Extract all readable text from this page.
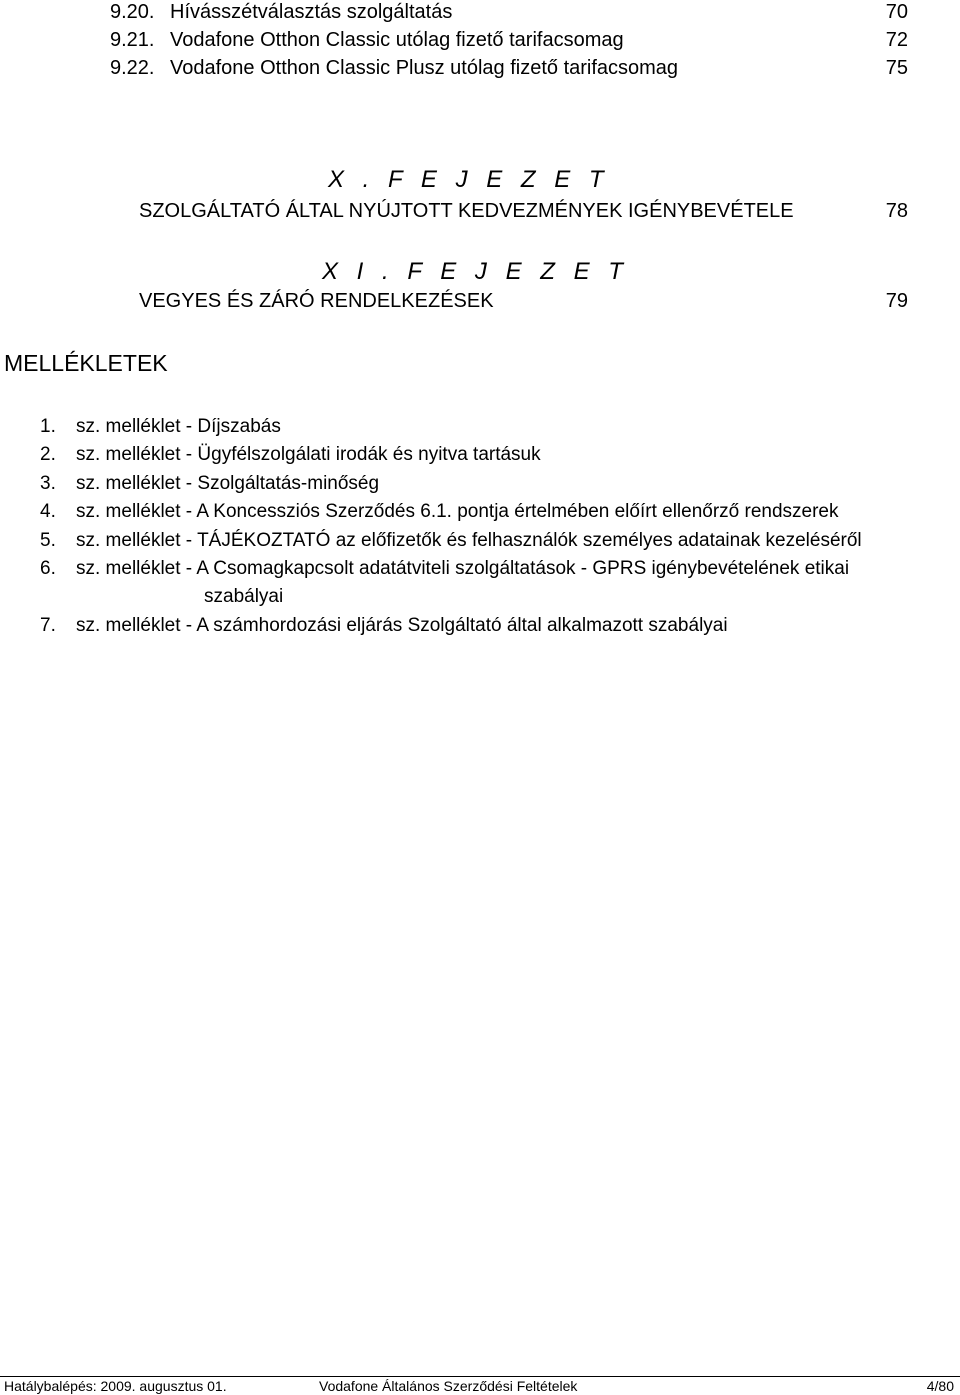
9.20. Hívásszétválasztás szolgáltatás	70
9.21. Vodafone Otthon Classic utólag fizető tarifacsomag	72
9.22. Vodafone Otthon Classic Plusz utólag fizető tarifacsomag	75
X . F E J E Z E T
SZOLGÁLTATÓ ÁLTAL NYÚJTOTT KEDVEZMÉNYEK IGÉNYBEVÉTELE	78
X I . F E J E Z E T
VEGYES ÉS ZÁRÓ RENDELKEZÉSEK	79
MELLÉKLETEK
1. sz. melléklet - Díjszabás
2. sz. melléklet - Ügyfélszolgálati irodák és nyitva tartásuk
3. sz. melléklet - Szolgáltatás-minőség
4. sz. melléklet - A Koncessziós Szerződés 6.1. pontja értelmében előírt ellenőrző rendszerek
5. sz. melléklet - TÁJÉKOZTATÓ az előfizetők és felhasználók személyes adatainak kezeléséről
6. sz. melléklet - A Csomagkapcsolt adatátviteli szolgáltatások - GPRS igénybevételének etikai
szabályai
7. sz. melléklet - A számhordozási eljárás Szolgáltató által alkalmazott szabályai
Hatálybalépés: 2009. augusztus 01.	Vodafone Általános Szerződési Feltételek	4/80
